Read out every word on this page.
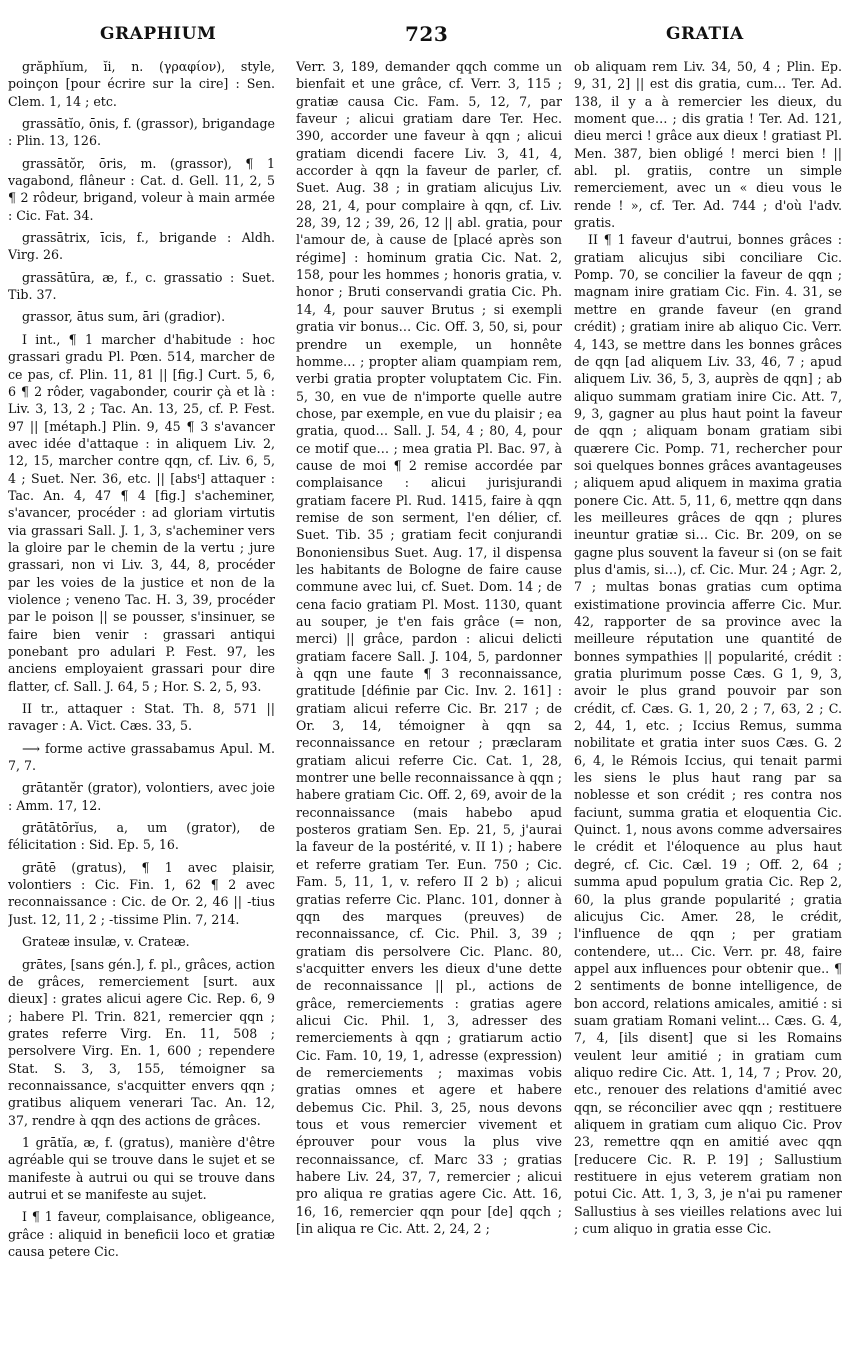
GRAPHIUM	723	GRATIA

grăphĭum, ĭi, n. (γραφίον), style, poinçon [pour écrire sur la cire] : Sen. Clem. 1, 14 ; etc.

grassātĭo, ōnis, f. (grassor), brigandage : Plin. 13, 126.

grassātŏr, ōris, m. (grassor), ¶ 1 vagabond, flâneur : Cat. d. Gell. 11, 2, 5 ¶ 2 rôdeur, brigand, voleur à main armée : Cic. Fat. 34.

grassātrix, īcis, f., brigande : Aldh. Virg. 26.

grassātūra, æ, f., c. grassatio : Suet. Tib. 37.

grassor, ātus sum, āri (gradior).

I int., ¶ 1 marcher d'habitude : hoc grassari gradu Pl. Pœn. 514, marcher de ce pas, cf. Plin. 11, 81 || [fig.] Curt. 5, 6, 6 ¶ 2 rôder, vagabonder, courir çà et là : Liv. 3, 13, 2 ; Tac. An. 13, 25, cf. P. Fest. 97 || [métaph.] Plin. 9, 45 ¶ 3 s'avancer avec idée d'attaque : in aliquem Liv. 2, 12, 15, marcher contre qqn, cf. Liv. 6, 5, 4 ; Suet. Ner. 36, etc. || [absᵗ] attaquer : Tac. An. 4, 47 ¶ 4 [fig.] s'acheminer, s'avancer, procéder : ad gloriam virtutis via grassari Sall. J. 1, 3, s'acheminer vers la gloire par le chemin de la vertu ; jure grassari, non vi Liv. 3, 44, 8, procéder par les voies de la justice et non de la violence ; veneno Tac. H. 3, 39, procéder par le poison || se pousser, s'insinuer, se faire bien venir : grassari antiqui ponebant pro adulari P. Fest. 97, les anciens employaient grassari pour dire flatter, cf. Sall. J. 64, 5 ; Hor. S. 2, 5, 93.

II tr., attaquer : Stat. Th. 8, 571 || ravager : A. Vict. Cæs. 33, 5.

⟶ forme active grassabamus Apul. M. 7, 7.

grātantĕr (grator), volontiers, avec joie : Amm. 17, 12.

grātātōrĭus, a, um (grator), de félicitation : Sid. Ep. 5, 16.

grātē (gratus), ¶ 1 avec plaisir, volontiers : Cic. Fin. 1, 62 ¶ 2 avec reconnaissance : Cic. de Or. 2, 46 || -tius Just. 12, 11, 2 ; -tissime Plin. 7, 214.

Grateæ insulæ, v. Crateæ.

grātes, [sans gén.], f. pl., grâces, action de grâces, remerciement [surt. aux dieux] : grates alicui agere Cic. Rep. 6, 9 ; habere Pl. Trin. 821, remercier qqn ; grates referre Virg. En. 11, 508 ; persolvere Virg. En. 1, 600 ; rependere Stat. S. 3, 3, 155, témoigner sa reconnaissance, s'acquitter envers qqn ; gratibus aliquem venerari Tac. An. 12, 37, rendre à qqn des actions de grâces.

1 grātĭa, æ, f. (gratus), manière d'être agréable qui se trouve dans le sujet et se manifeste à autrui ou qui se trouve dans autrui et se manifeste au sujet.

I ¶ 1 faveur, complaisance, obligeance, grâce : aliquid in beneficii loco et gratiæ causa petere Cic.

Verr. 3, 189, demander qqch comme un bienfait et une grâce, cf. Verr. 3, 115 ; gratiæ causa Cic. Fam. 5, 12, 7, par faveur ; alicui gratiam dare Ter. Hec. 390, accorder une faveur à qqn ; alicui gratiam dicendi facere Liv. 3, 41, 4, accorder à qqn la faveur de parler, cf. Suet. Aug. 38 ; in gratiam alicujus Liv. 28, 21, 4, pour complaire à qqn, cf. Liv. 28, 39, 12 ; 39, 26, 12 || abl. gratia, pour l'amour de, à cause de [placé après son régime] : hominum gratia Cic. Nat. 2, 158, pour les hommes ; honoris gratia, v. honor ; Bruti conservandi gratia Cic. Ph. 14, 4, pour sauver Brutus ; si exempli gratia vir bonus… Cic. Off. 3, 50, si, pour prendre un exemple, un honnête homme… ; propter aliam quampiam rem, verbi gratia propter voluptatem Cic. Fin. 5, 30, en vue de n'importe quelle autre chose, par exemple, en vue du plaisir ; ea gratia, quod… Sall. J. 54, 4 ; 80, 4, pour ce motif que… ; mea gratia Pl. Bac. 97, à cause de moi ¶ 2 remise accordée par complaisance : alicui jurisjurandi gratiam facere Pl. Rud. 1415, faire à qqn remise de son serment, l'en délier, cf. Suet. Tib. 35 ; gratiam fecit conjurandi Bononiensibus Suet. Aug. 17, il dispensa les habitants de Bologne de faire cause commune avec lui, cf. Suet. Dom. 14 ; de cena facio gratiam Pl. Most. 1130, quant au souper, je t'en fais grâce (= non, merci) || grâce, pardon : alicui delicti gratiam facere Sall. J. 104, 5, pardonner à qqn une faute ¶ 3 reconnaissance, gratitude [définie par Cic. Inv. 2. 161] : gratiam alicui referre Cic. Br. 217 ; de Or. 3, 14, témoigner à qqn sa reconnaissance en retour ; præclaram gratiam alicui referre Cic. Cat. 1, 28, montrer une belle reconnaissance à qqn ; habere gratiam Cic. Off. 2, 69, avoir de la reconnaissance (mais habebo apud posteros gratiam Sen. Ep. 21, 5, j'aurai la faveur de la postérité, v. II 1) ; habere et referre gratiam Ter. Eun. 750 ; Cic. Fam. 5, 11, 1, v. refero II 2 b) ; alicui gratias referre Cic. Planc. 101, donner à qqn des marques (preuves) de reconnaissance, cf. Cic. Phil. 3, 39 ; gratiam dis persolvere Cic. Planc. 80, s'acquitter envers les dieux d'une dette de reconnaissance || pl., actions de grâce, remerciements : gratias agere alicui Cic. Phil. 1, 3, adresser des remerciements à qqn ; gratiarum actio Cic. Fam. 10, 19, 1, adresse (expression) de remerciements ; maximas vobis gratias omnes et agere et habere debemus Cic. Phil. 3, 25, nous devons tous et vous remercier vivement et éprouver pour vous la plus vive reconnaissance, cf. Marc 33 ; gratias habere Liv. 24, 37, 7, remercier ; alicui pro aliqua re gratias agere Cic. Att. 16, 16, 16, remercier qqn pour [de] qqch ; [in aliqua re Cic. Att. 2, 24, 2 ;

ob aliquam rem Liv. 34, 50, 4 ; Plin. Ep. 9, 31, 2] || est dis gratia, cum… Ter. Ad. 138, il y a à remercier les dieux, du moment que… ; dis gratia ! Ter. Ad. 121, dieu merci ! grâce aux dieux ! gratiast Pl. Men. 387, bien obligé ! merci bien ! || abl. pl. gratiis, contre un simple remerciement, avec un « dieu vous le rende ! », cf. Ter. Ad. 744 ; d'où l'adv. gratis.

II ¶ 1 faveur d'autrui, bonnes grâces : gratiam alicujus sibi conciliare Cic. Pomp. 70, se concilier la faveur de qqn ; magnam inire gratiam Cic. Fin. 4. 31, se mettre en grande faveur (en grand crédit) ; gratiam inire ab aliquo Cic. Verr. 4, 143, se mettre dans les bonnes grâces de qqn [ad aliquem Liv. 33, 46, 7 ; apud aliquem Liv. 36, 5, 3, auprès de qqn] ; ab aliquo summam gratiam inire Cic. Att. 7, 9, 3, gagner au plus haut point la faveur de qqn ; aliquam bonam gratiam sibi quærere Cic. Pomp. 71, rechercher pour soi quelques bonnes grâces avantageuses ; aliquem apud aliquem in maxima gratia ponere Cic. Att. 5, 11, 6, mettre qqn dans les meilleures grâces de qqn ; plures ineuntur gratiæ si… Cic. Br. 209, on se gagne plus souvent la faveur si (on se fait plus d'amis, si…), cf. Cic. Mur. 24 ; Agr. 2, 7 ; multas bonas gratias cum optima existimatione provincia afferre Cic. Mur. 42, rapporter de sa province avec la meilleure réputation une quantité de bonnes sympathies || popularité, crédit : gratia plurimum posse Cæs. G 1, 9, 3, avoir le plus grand pouvoir par son crédit, cf. Cæs. G. 1, 20, 2 ; 7, 63, 2 ; C. 2, 44, 1, etc. ; Iccius Remus, summa nobilitate et gratia inter suos Cæs. G. 2 6, 4, le Rémois Iccius, qui tenait parmi les siens le plus haut rang par sa noblesse et son crédit ; res contra nos faciunt, summa gratia et eloquentia Cic. Quinct. 1, nous avons comme adversaires le crédit et l'éloquence au plus haut degré, cf. Cic. Cæl. 19 ; Off. 2, 64 ; summa apud populum gratia Cic. Rep 2, 60, la plus grande popularité ; gratia alicujus Cic. Amer. 28, le crédit, l'influence de qqn ; per gratiam contendere, ut… Cic. Verr. pr. 48, faire appel aux influences pour obtenir que.. ¶ 2 sentiments de bonne intelligence, de bon accord, relations amicales, amitié : si suam gratiam Romani velint… Cæs. G. 4, 7, 4, [ils disent] que si les Romains veulent leur amitié ; in gratiam cum aliquo redire Cic. Att. 1, 14, 7 ; Prov. 20, etc., renouer des relations d'amitié avec qqn, se réconcilier avec qqn ; restituere aliquem in gratiam cum aliquo Cic. Prov 23, remettre qqn en amitié avec qqn [reducere Cic. R. P. 19] ; Sallustium restituere in ejus veterem gratiam non potui Cic. Att. 1, 3, 3, je n'ai pu ramener Sallustius à ses vieilles relations avec lui ; cum aliquo in gratia esse Cic.
